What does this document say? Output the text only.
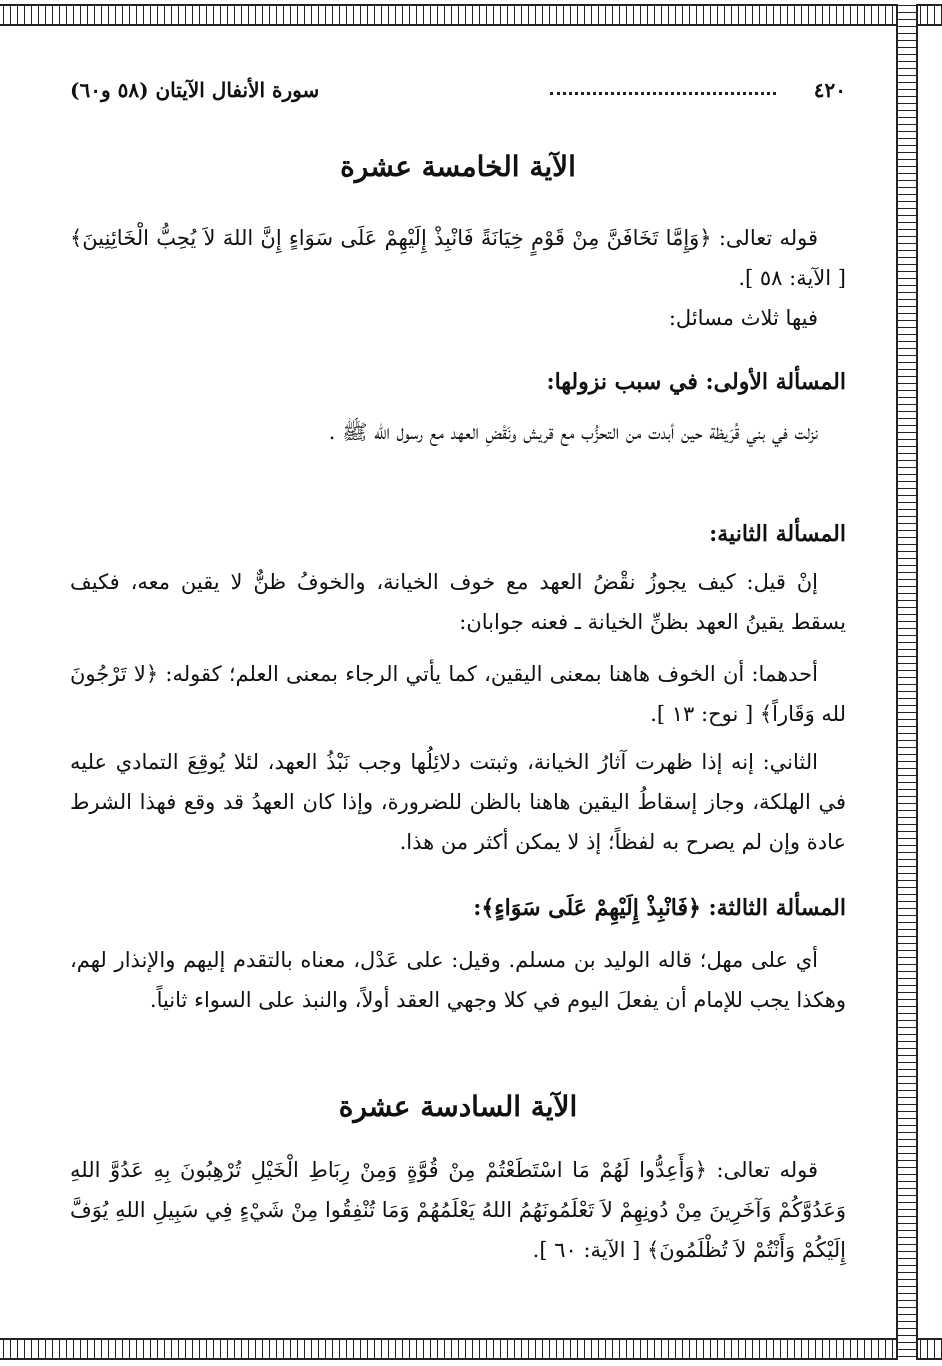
٤٢٠
سورة الأنفال الآيتان (٥٨ و٦٠)
الآية الخامسة عشرة
قوله تعالى: ﴿وَإِمَّا تَخَافَنَّ مِنْ قَوْمٍ خِيَانَةً فَانْبِذْ إِلَيْهِمْ عَلَى سَوَاءٍ إِنَّ اللهَ لاَ يُحِبُّ الْخَائِنِينَ﴾ [ الآية: ٥٨ ].
فيها ثلاث مسائل:
المسألة الأولى: في سبب نزولها:
نزلت في بني قُرَيظة حين أبدت من التحزُّب مع قريش ونَقْضِ العهد مع رسول الله ﷺ .
المسألة الثانية:
إنْ قيل: كيف يجوزُ نقْضُ العهد مع خوف الخيانة، والخوفُ ظنٌّ لا يقين معه، فكيف يسقط يقينُ العهد بظنِّ الخيانة ـ فعنه جوابان:
أحدهما: أن الخوف هاهنا بمعنى اليقين، كما يأتي الرجاء بمعنى العلم؛ كقوله: ﴿لا تَرْجُونَ لله وَقَاراً﴾ [ نوح: ١٣ ].
الثاني: إنه إذا ظهرت آثارُ الخيانة، وثبتت دلائِلُها وجب نَبْذُ العهد، لئلا يُوقِعَ التمادي عليه في الهلكة، وجاز إسقاطُ اليقين هاهنا بالظن للضرورة، وإذا كان العهدُ قد وقع فهذا الشرط عادة وإن لم يصرح به لفظاً؛ إذ لا يمكن أكثر من هذا.
المسألة الثالثة: ﴿فَانْبِذْ إِلَيْهِمْ عَلَى سَوَاءٍ﴾:
أي على مهل؛ قاله الوليد بن مسلم. وقيل: على عَدْل، معناه بالتقدم إليهم والإنذار لهم، وهكذا يجب للإمام أن يفعلَ اليوم في كلا وجهي العقد أولاً، والنبذ على السواء ثانياً.
الآية السادسة عشرة
قوله تعالى: ﴿وَأَعِدُّوا لَهُمْ مَا اسْتَطَعْتُمْ مِنْ قُوَّةٍ وَمِنْ رِبَاطِ الْخَيْلِ تُرْهِبُونَ بِهِ عَدُوَّ اللهِ وَعَدُوَّكُمْ وَآخَرِينَ مِنْ دُونِهِمْ لاَ تَعْلَمُونَهُمُ اللهُ يَعْلَمُهُمْ وَمَا تُنْفِقُوا مِنْ شَيْءٍ فِي سَبِيلِ اللهِ يُوَفَّ إِلَيْكُمْ وَأَنْتُمْ لاَ تُظْلَمُونَ﴾ [ الآية: ٦٠ ].
